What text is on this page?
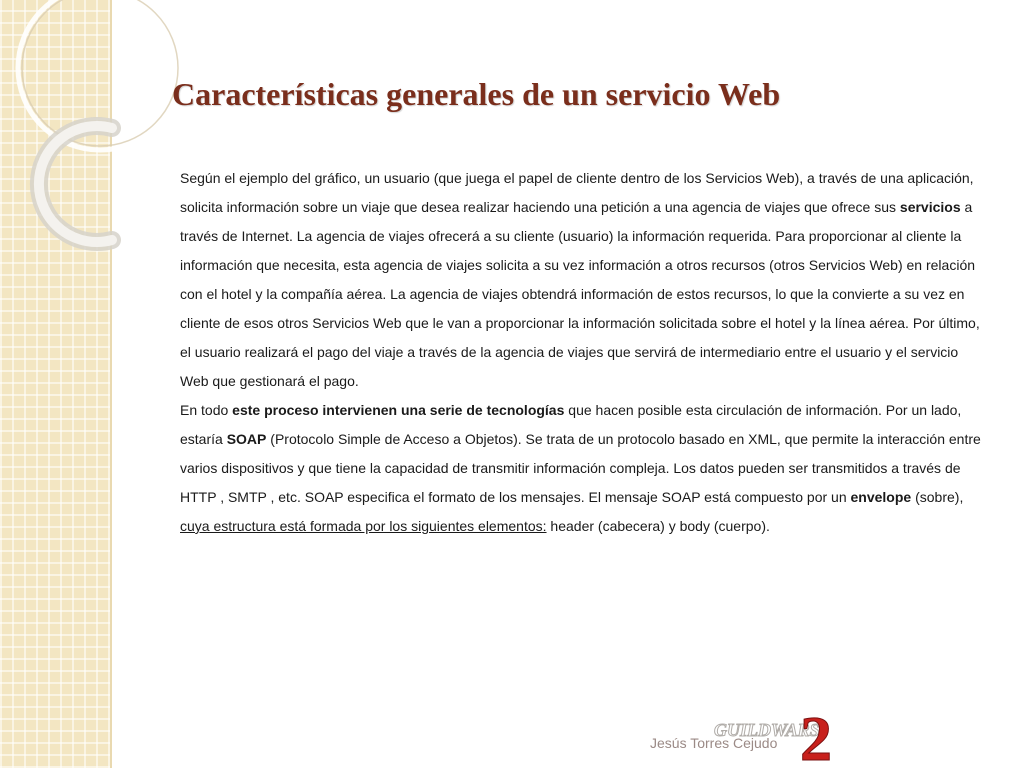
Características generales de un servicio Web

Según el ejemplo del gráfico, un usuario (que juega el papel de cliente dentro de los Servicios Web), a través de una aplicación, solicita información sobre un viaje que desea realizar haciendo una petición a una agencia de viajes que ofrece sus servicios a través de Internet. La agencia de viajes ofrecerá a su cliente (usuario) la información requerida. Para proporcionar al cliente la información que necesita, esta agencia de viajes solicita a su vez información a otros recursos (otros Servicios Web) en relación con el hotel y la compañía aérea. La agencia de viajes obtendrá información de estos recursos, lo que la convierte a su vez en cliente de esos otros Servicios Web que le van a proporcionar la información solicitada sobre el hotel y la línea aérea. Por último, el usuario realizará el pago del viaje a través de la agencia de viajes que servirá de intermediario entre el usuario y el servicio Web que gestionará el pago.

En todo este proceso intervienen una serie de tecnologías que hacen posible esta circulación de información. Por un lado, estaría SOAP (Protocolo Simple de Acceso a Objetos). Se trata de un protocolo basado en XML, que permite la interacción entre varios dispositivos y que tiene la capacidad de transmitir información compleja. Los datos pueden ser transmitidos a través de HTTP , SMTP , etc. SOAP especifica el formato de los mensajes. El mensaje SOAP está compuesto por un envelope (sobre), cuya estructura está formada por los siguientes elementos: header (cabecera) y body (cuerpo).

GUILDWARS
2
Jesús Torres Cejudo
